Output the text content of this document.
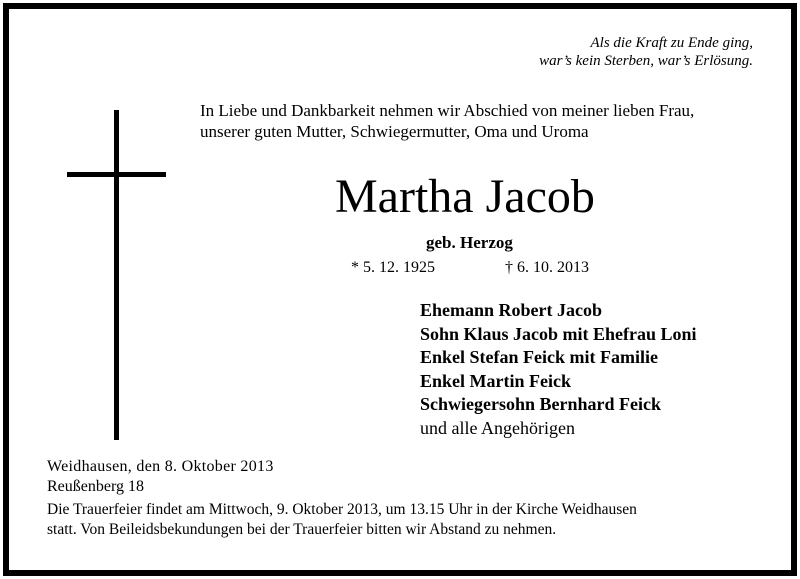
Als die Kraft zu Ende ging,
war’s kein Sterben, war’s Erlösung.
In Liebe und Dankbarkeit nehmen wir Abschied von meiner lieben Frau,
unserer guten Mutter, Schwiegermutter, Oma und Uroma
Martha Jacob
geb. Herzog
* 5. 12. 1925	† 6. 10. 2013
Ehemann Robert Jacob
Sohn Klaus Jacob mit Ehefrau Loni
Enkel Stefan Feick mit Familie
Enkel Martin Feick
Schwiegersohn Bernhard Feick
und alle Angehörigen
Weidhausen, den 8. Oktober 2013
Reußenberg 18
Die Trauerfeier findet am Mittwoch, 9. Oktober 2013, um 13.15 Uhr in der Kirche Weidhausen
statt. Von Beileidsbekundungen bei der Trauerfeier bitten wir Abstand zu nehmen.
